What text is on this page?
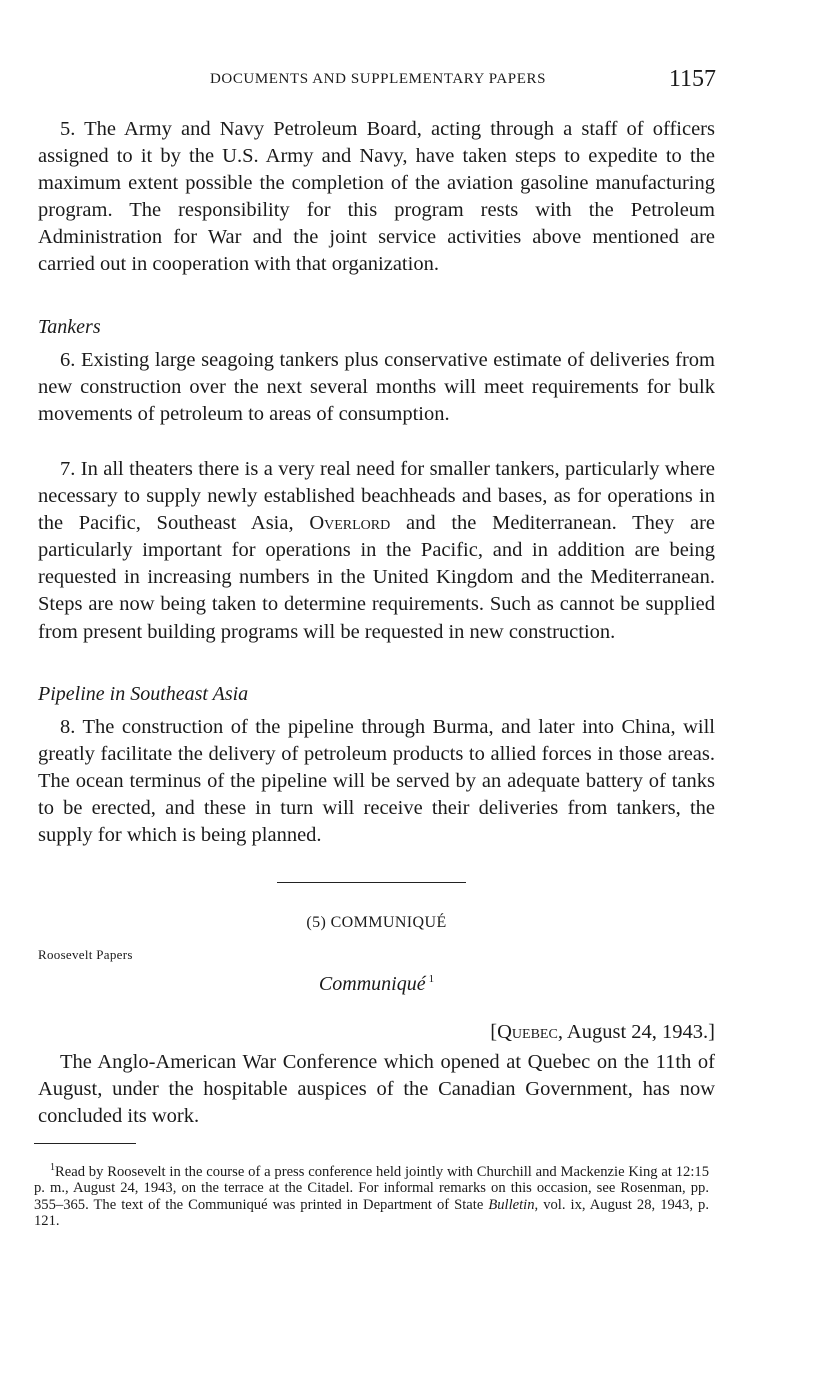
DOCUMENTS AND SUPPLEMENTARY PAPERS	1157

5. The Army and Navy Petroleum Board, acting through a staff of officers assigned to it by the U.S. Army and Navy, have taken steps to expedite to the maximum extent possible the completion of the aviation gasoline manufacturing program. The responsibility for this program rests with the Petroleum Administration for War and the joint service activities above mentioned are carried out in cooperation with that organization.

Tankers

6. Existing large seagoing tankers plus conservative estimate of deliveries from new construction over the next several months will meet requirements for bulk movements of petroleum to areas of consumption.

7. In all theaters there is a very real need for smaller tankers, particularly where necessary to supply newly established beachheads and bases, as for operations in the Pacific, Southeast Asia, Overlord and the Mediterranean. They are particularly important for operations in the Pacific, and in addition are being requested in increasing numbers in the United Kingdom and the Mediterranean. Steps are now being taken to determine requirements. Such as cannot be supplied from present building programs will be requested in new construction.

Pipeline in Southeast Asia

8. The construction of the pipeline through Burma, and later into China, will greatly facilitate the delivery of petroleum products to allied forces in those areas. The ocean terminus of the pipeline will be served by an adequate battery of tanks to be erected, and these in turn will receive their deliveries from tankers, the supply for which is being planned.

(5) COMMUNIQUÉ
Roosevelt Papers
Communiqué $^1$
[Quebec, August 24, 1943.]

The Anglo-American War Conference which opened at Quebec on the 11th of August, under the hospitable auspices of the Canadian Government, has now concluded its work.

$^1$Read by Roosevelt in the course of a press conference held jointly with Churchill and Mackenzie King at 12:15 p. m., August 24, 1943, on the terrace at the Citadel. For informal remarks on this occasion, see Rosenman, pp. 355–365. The text of the Communiqué was printed in Department of State Bulletin, vol. ix, August 28, 1943, p. 121.
